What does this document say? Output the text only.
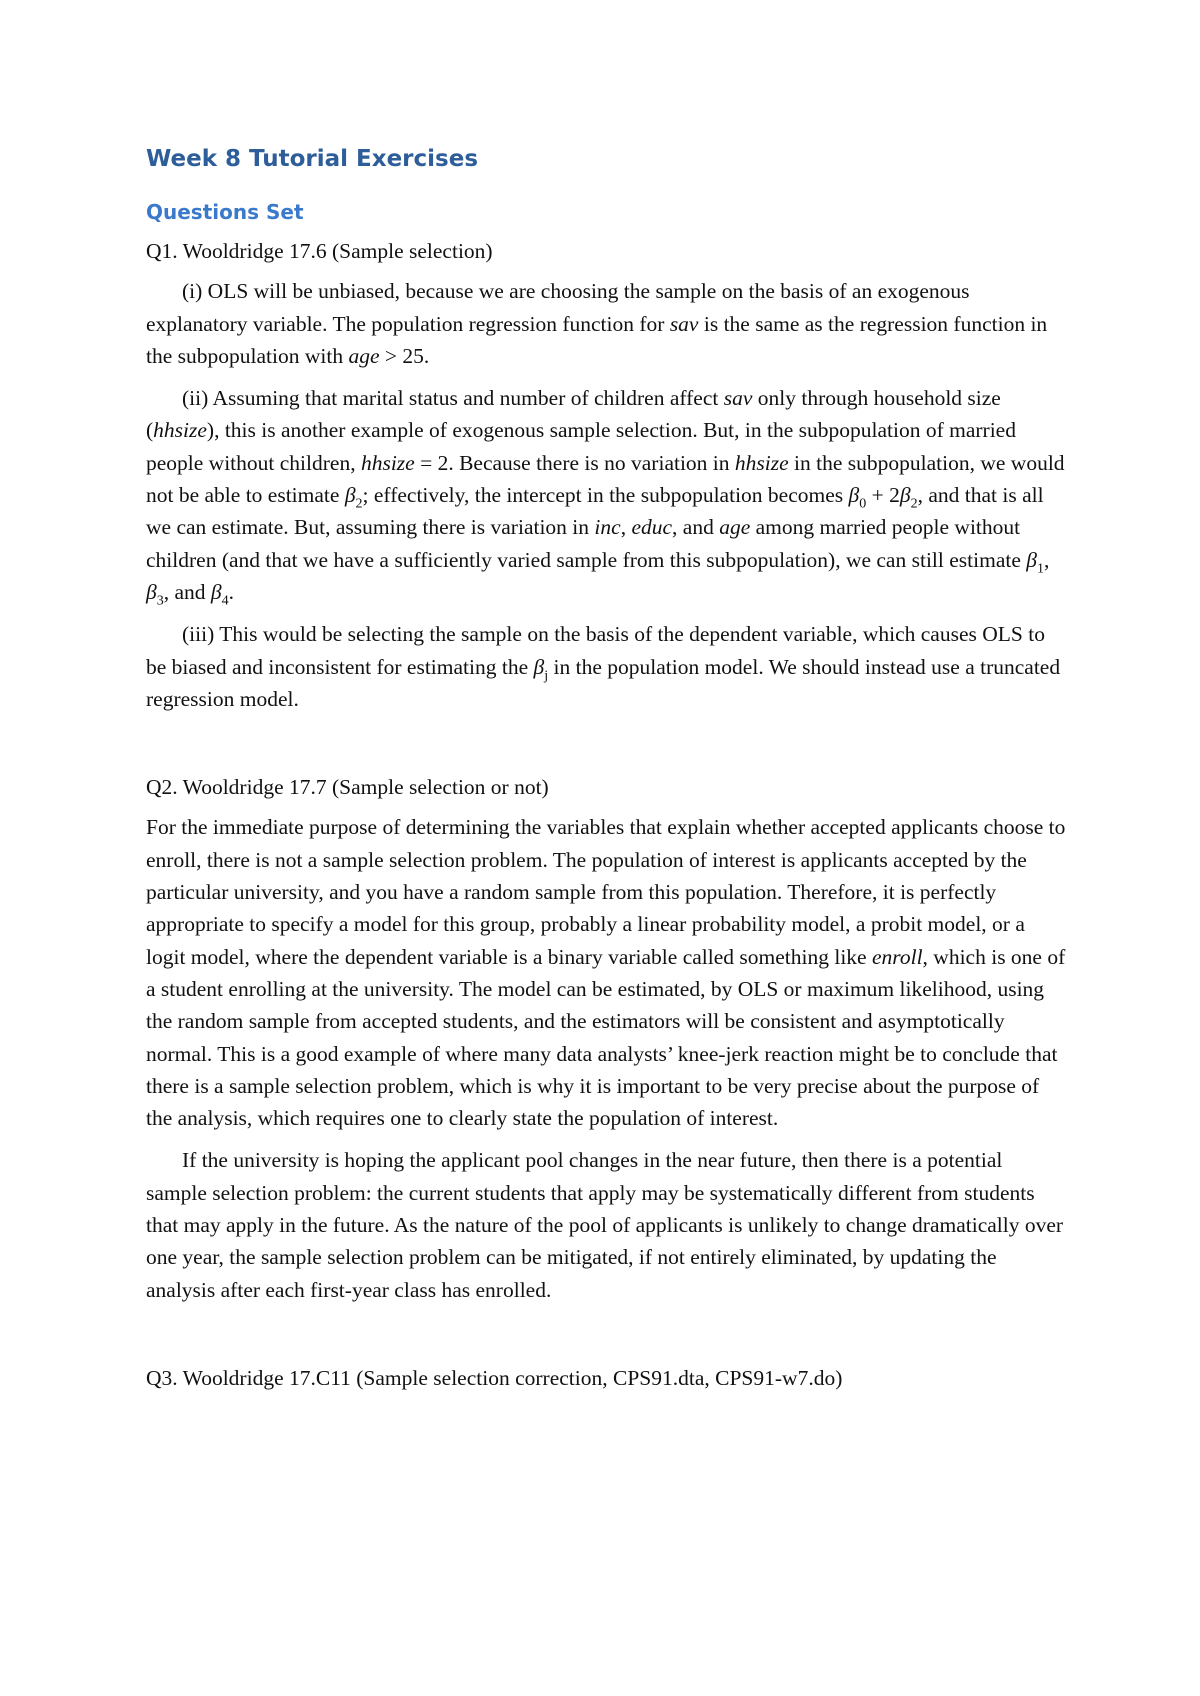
Week 8 Tutorial Exercises
Questions Set

Q1. Wooldridge 17.6 (Sample selection)

(i) OLS will be unbiased, because we are choosing the sample on the basis of an exogenous explanatory variable. The population regression function for sav is the same as the regression function in the subpopulation with age > 25.

(ii) Assuming that marital status and number of children affect sav only through household size (hhsize), this is another example of exogenous sample selection. But, in the subpopulation of married people without children, hhsize = 2. Because there is no variation in hhsize in the subpopulation, we would not be able to estimate $\beta_2$; effectively, the intercept in the subpopulation becomes $\beta_0 + 2\beta_2$, and that is all we can estimate. But, assuming there is variation in inc, educ, and age among married people without children (and that we have a sufficiently varied sample from this subpopulation), we can still estimate $\beta_1$, $\beta_3$, and $\beta_4$.

(iii) This would be selecting the sample on the basis of the dependent variable, which causes OLS to be biased and inconsistent for estimating the $\beta_j$ in the population model. We should instead use a truncated regression model.

Q2. Wooldridge 17.7 (Sample selection or not)

For the immediate purpose of determining the variables that explain whether accepted applicants choose to enroll, there is not a sample selection problem. The population of interest is applicants accepted by the particular university, and you have a random sample from this population. Therefore, it is perfectly appropriate to specify a model for this group, probably a linear probability model, a probit model, or a logit model, where the dependent variable is a binary variable called something like enroll, which is one of a student enrolling at the university. The model can be estimated, by OLS or maximum likelihood, using the random sample from accepted students, and the estimators will be consistent and asymptotically normal. This is a good example of where many data analysts’ knee-jerk reaction might be to conclude that there is a sample selection problem, which is why it is important to be very precise about the purpose of the analysis, which requires one to clearly state the population of interest.

If the university is hoping the applicant pool changes in the near future, then there is a potential sample selection problem: the current students that apply may be systematically different from students that may apply in the future. As the nature of the pool of applicants is unlikely to change dramatically over one year, the sample selection problem can be mitigated, if not entirely eliminated, by updating the analysis after each first-year class has enrolled.

Q3. Wooldridge 17.C11 (Sample selection correction, CPS91.dta, CPS91-w7.do)
